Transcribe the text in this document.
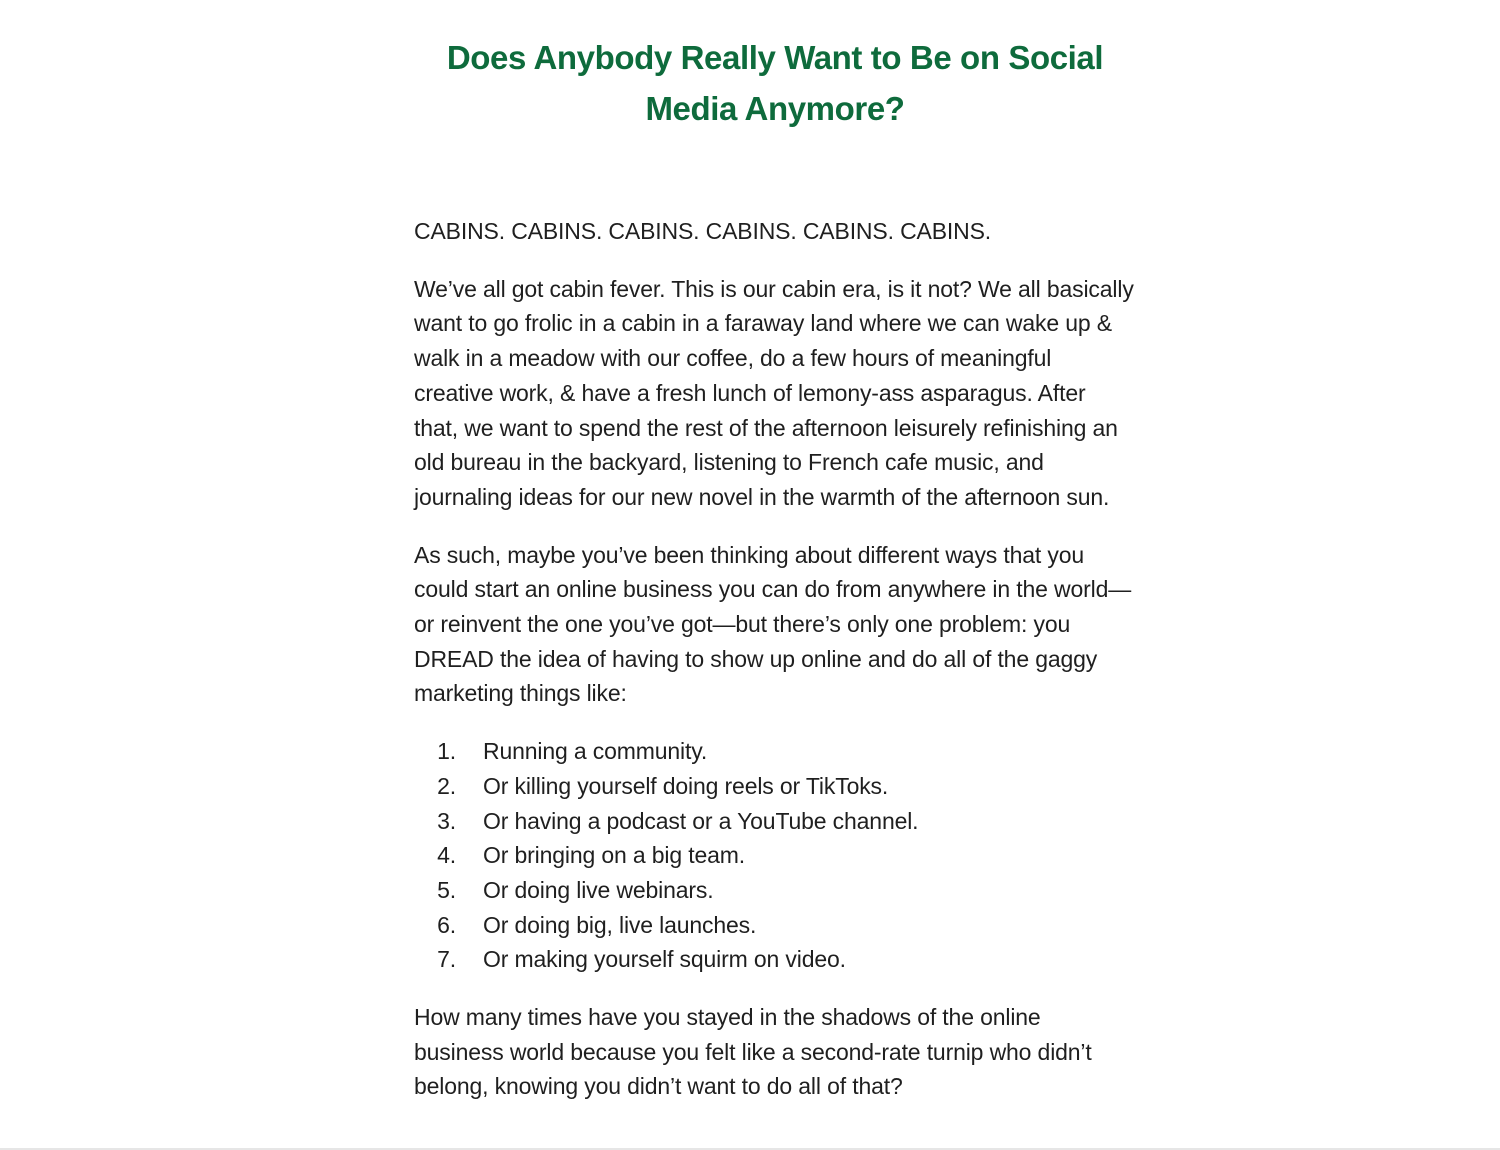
Does Anybody Really Want to Be on Social Media Anymore?

CABINS. CABINS. CABINS. CABINS. CABINS. CABINS.

We’ve all got cabin fever. This is our cabin era, is it not? We all basically want to go frolic in a cabin in a faraway land where we can wake up & walk in a meadow with our coffee, do a few hours of meaningful creative work, & have a fresh lunch of lemony-ass asparagus. After that, we want to spend the rest of the afternoon leisurely refinishing an old bureau in the backyard, listening to French cafe music, and journaling ideas for our new novel in the warmth of the afternoon sun.

As such, maybe you’ve been thinking about different ways that you could start an online business you can do from anywhere in the world—or reinvent the one you’ve got—but there’s only one problem: you DREAD the idea of having to show up online and do all of the gaggy marketing things like:

1. Running a community.
2. Or killing yourself doing reels or TikToks.
3. Or having a podcast or a YouTube channel.
4. Or bringing on a big team.
5. Or doing live webinars.
6. Or doing big, live launches.
7. Or making yourself squirm on video.

How many times have you stayed in the shadows of the online business world because you felt like a second-rate turnip who didn’t belong, knowing you didn’t want to do all of that?
